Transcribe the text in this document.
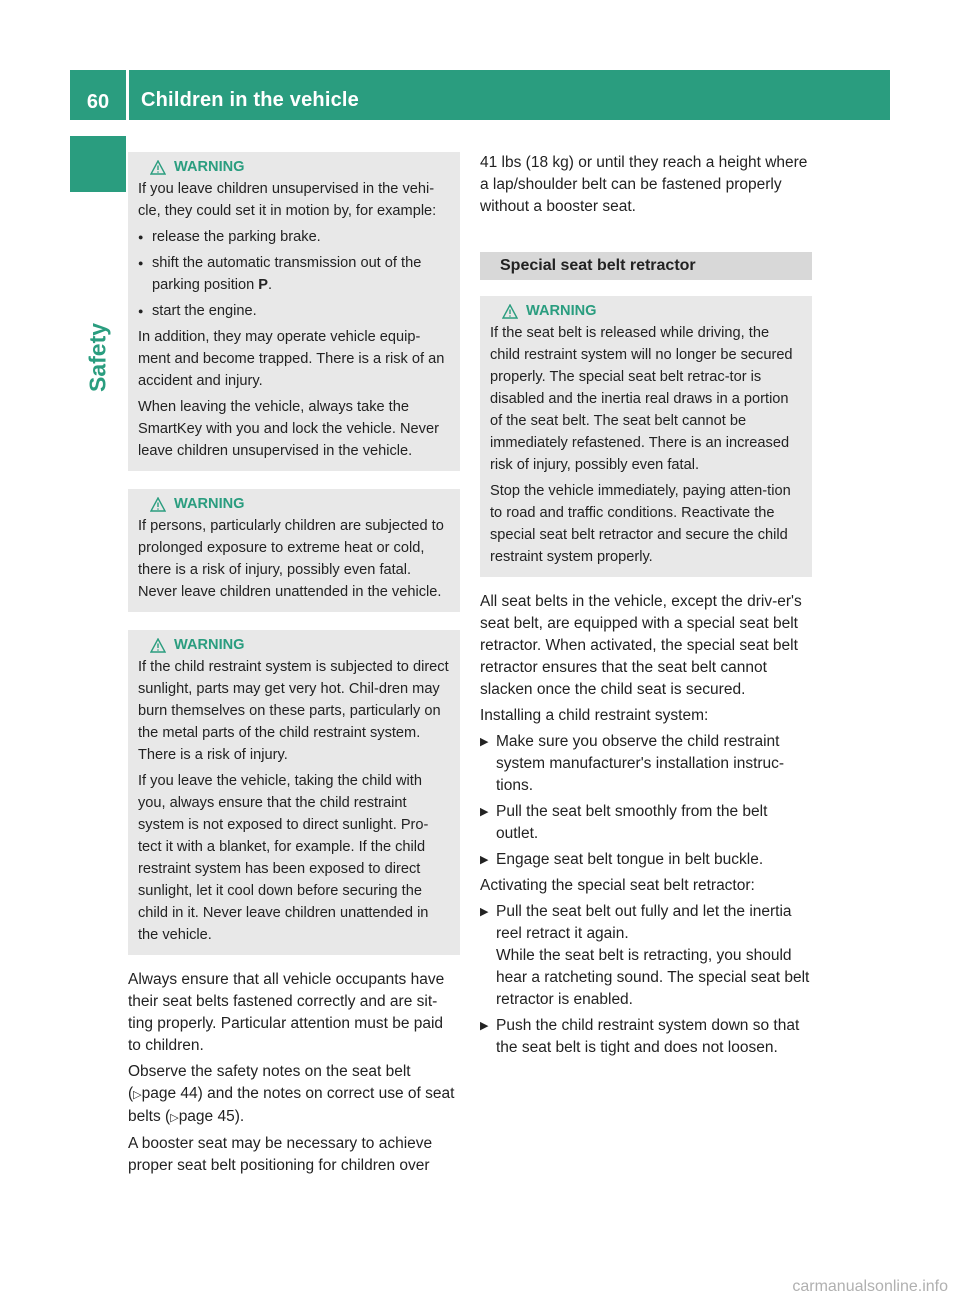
60	Children in the vehicle
Safety
WARNING

If you leave children unsupervised in the vehi-cle, they could set it in motion by, for example:

● release the parking brake.
● shift the automatic transmission out of the parking position P.
● start the engine.

In addition, they may operate vehicle equip-ment and become trapped. There is a risk of an accident and injury.

When leaving the vehicle, always take the SmartKey with you and lock the vehicle. Never leave children unsupervised in the vehicle.

WARNING

If persons, particularly children are subjected to prolonged exposure to extreme heat or cold, there is a risk of injury, possibly even fatal. Never leave children unattended in the vehicle.

WARNING

If the child restraint system is subjected to direct sunlight, parts may get very hot. Chil-dren may burn themselves on these parts, particularly on the metal parts of the child restraint system. There is a risk of injury.

If you leave the vehicle, taking the child with you, always ensure that the child restraint system is not exposed to direct sunlight. Pro-tect it with a blanket, for example. If the child restraint system has been exposed to direct sunlight, let it cool down before securing the child in it. Never leave children unattended in the vehicle.

Always ensure that all vehicle occupants have their seat belts fastened correctly and are sit-ting properly. Particular attention must be paid to children.

Observe the safety notes on the seat belt (▷page 44) and the notes on correct use of seat belts (▷page 45).

A booster seat may be necessary to achieve proper seat belt positioning for children over

41 lbs (18 kg) or until they reach a height where a lap/shoulder belt can be fastened properly without a booster seat.

Special seat belt retractor
WARNING

If the seat belt is released while driving, the child restraint system will no longer be secured properly. The special seat belt retrac-tor is disabled and the inertia real draws in a portion of the seat belt. The seat belt cannot be immediately refastened. There is an increased risk of injury, possibly even fatal.

Stop the vehicle immediately, paying atten-tion to road and traffic conditions. Reactivate the special seat belt retractor and secure the child restraint system properly.

All seat belts in the vehicle, except the driv-er's seat belt, are equipped with a special seat belt retractor. When activated, the special seat belt retractor ensures that the seat belt cannot slacken once the child seat is secured.

Installing a child restraint system:

▶ Make sure you observe the child restraint system manufacturer's installation instruc-tions.
▶ Pull the seat belt smoothly from the belt outlet.
▶ Engage seat belt tongue in belt buckle.

Activating the special seat belt retractor:

▶ Pull the seat belt out fully and let the inertia reel retract it again.
While the seat belt is retracting, you should hear a ratcheting sound. The special seat belt retractor is enabled.
▶ Push the child restraint system down so that the seat belt is tight and does not loosen.
carmanualsonline.info
